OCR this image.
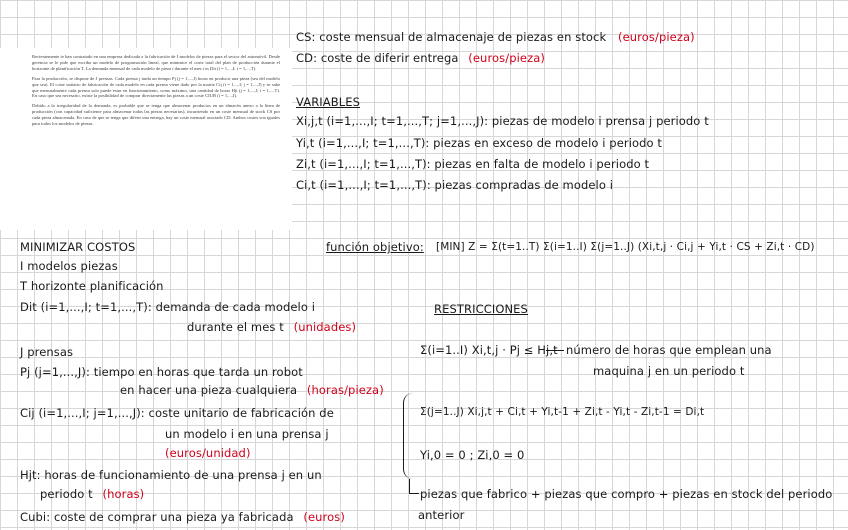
Recientemente te han contratado en una empresa dedicada a la fabricación de I modelos de piezas para el sector del automóvil. Desde gerencia se le pide que escriba un modelo de programación lineal, que minimice el coste total del plan de producción durante el horizonte de planificación T. La demanda mensual de cada modelo de pieza i durante el mes t es Dit (i = 1,...,I; t = 1,...,T).

Para la producción, se dispone de J prensas. Cada prensa j tarda un tiempo Pj (j = 1,...,J) horas en producir una pieza (sea del modelo que sea). El coste unitario de fabricación de cada modelo en cada prensa viene dado por la matriz Cij (i = 1,...,I; j = 1,...,J) y se sabe que mensualmente cada prensa solo puede estar en funcionamiento, como máximo, una cantidad de horas Hjt (j = 1,...,J; t = 1,...,T). En caso que sea necesario, existe la posibilidad de comprar directamente las piezas a un coste CIUB (i = 1,...,I).

Debido a la irregularidad de la demanda, es probable que se tenga que almacenar productos en un almacén anexo a la línea de producción (con capacidad suficiente para almacenar todas las piezas necesarias), incurriendo en un coste mensual de stock CS por cada pieza almacenada. En caso de que se tenga que diferir una entrega, hay un coste mensual asociado CD. Ambos costes son iguales para todos los modelos de piezas.

CS: coste mensual de almacenaje de piezas en stock (euros/pieza)
CD: coste de diferir entrega (euros/pieza)
VARIABLES
Xi,j,t (i=1,...,I; t=1,...,T; j=1,...,J): piezas de modelo i prensa j periodo t
Yi,t (i=1,...,I; t=1,...,T): piezas en exceso de modelo i periodo t
Zi,t (i=1,...,I; t=1,...,T): piezas en falta de modelo i periodo t
Ci,t (i=1,...,I; t=1,...,T): piezas compradas de modelo i
función objetivo: [MIN] Z = Σ(t=1..T) Σ(i=1..I) Σ(j=1..J) (Xi,t,j · Ci,j + Yi,t · CS + Zi,t · CD)
MINIMIZAR COSTOS
I modelos piezas
T horizonte planificación
Dit (i=1,...,I; t=1,...,T): demanda de cada modelo i
durante el mes t (unidades)
J prensas
Pj (j=1,...,J): tiempo en horas que tarda un robot
en hacer una pieza cualquiera (horas/pieza)
Cij (i=1,...,I; j=1,...,J): coste unitario de fabricación de
un modelo i en una prensa j
(euros/unidad)
Hjt: horas de funcionamiento de una prensa j en un
periodo t (horas)
Cubi: coste de comprar una pieza ya fabricada (euros)
RESTRICCIONES
Σ(i=1..I) Xi,t,j · Pj ≤ Hj,t número de horas que emplean una
maquina j en un periodo t
Σ(j=1..J) Xi,j,t + Ci,t + Yi,t-1 + Zi,t - Yi,t - Zi,t-1 = Di,t
Yi,0 = 0 ; Zi,0 = 0
piezas que fabrico + piezas que compro + piezas en stock del periodo
anterior
